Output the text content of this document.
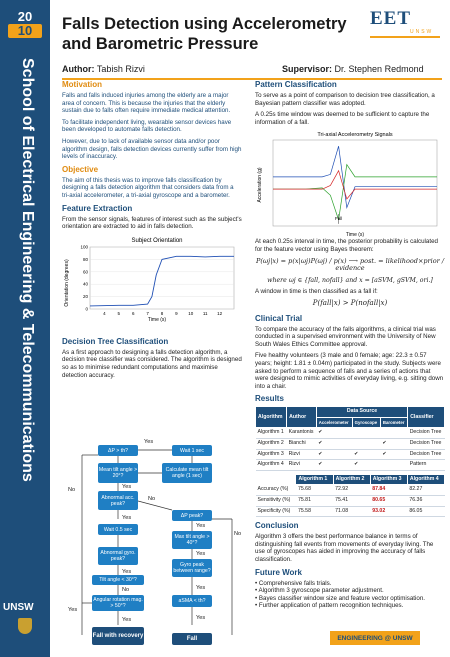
20
10
School of Electrical Engineering & Telecommunications
UNSW
Falls Detection using Accelerometry and Barometric Pressure
EET
UNSW
Author: Tabish Rizvi	Supervisor: Dr. Stephen Redmond
Motivation

Falls and falls induced injuries among the elderly are a major area of concern. This is because the injuries that the elderly sustain due to falls often require immediate medical attention.

To facilitate independent living, wearable sensor devices have been developed to automate falls detection.

However, due to lack of available sensor data and/or poor algorithm design, falls detection devices currently suffer from high levels of inaccuracy.

Objective

The aim of this thesis was to improve falls classification by designing a falls detection algorithm that considers data from a tri-axial accelerometer, a tri-axial gyroscope and a barometer.

Feature Extraction

From the sensor signals, features of interest such as the subject's orientation are extracted to aid in falls detection.

Subject Orientation
Orientation (degrees)
Time (s)
0
20
40
60
80
100
4	5	6	7	8	9 10 11 12
Decision Tree Classification

As a first approach to designing a falls detection algorithm, a decision tree classifier was considered. The algorithm is designed so as to minimise redundant computations and maximise detection accuracy.

ΔP > th?	Wait 1 sec
Mean tilt angle > 20°?
Calculate mean tilt angle (1 sec)
Abnormal acc. peak?
ΔP peak?
Wait 0.5 sec
Max tilt angle > 40°?
Abnormal gyro. peak?
Gyro peak between range?
Tilt angle < 30°?
aSMA < th?
Angular rotation mag. > 50°?
Fall with recovery	Fall
Yes
Yes
No
Yes
Yes
Yes
Yes
No	Yes
No
No
Yes
Yes	Yes
Pattern Classification

To serve as a point of comparison to decision tree classification, a Bayesian pattern classifier was adopted.

A 0.25s time window was deemed to be sufficient to capture the information of a fall.

Tri-axial Accelerometry Signals
Acceleration (g)
Time (s)
Fall

At each 0.25s interval in time, the posterior probability is calculated for the feature vector using Bayes theorem:

P(ωj|x) = p(x|ωj)P(ωj) / p(x) ⟶ post. = likelihood×prior / evidence

where ωj ∈ {fall, nofall} and x = [aSVM, gSVM, ori.]

A window in time is then classified as a fall if:

P(fall|x) > P(nofall|x)

Clinical Trial

To compare the accuracy of the falls algorithms, a clinical trial was conducted in a supervised environment with the University of New South Wales Ethics Committee approval.

Five healthy volunteers (3 male and 0 female; age: 22.3 ± 0.57 years; height: 1.81 ± 0.04m) participated in the study. Subjects were asked to perform a sequence of falls and a series of actions that were designed to mimic activities of everyday living, e.g. sitting down into a chair.

Results
Algorithm	Author	Data Source			Classifier
		Accelerometer	Gyroscope	Barometer	
Algorithm 1	Karantonis	✔			Decision Tree
Algorithm 2	Bianchi	✔		✔	Decision Tree
Algorithm 3	Rizvi	✔	✔	✔	Decision Tree
Algorithm 4	Rizvi	✔	✔		Pattern
	Algorithm 1	Algorithm 2	Algorithm 3	Algorithm 4
Accuracy (%)	75.68	72.92	87.84	82.27
Sensitivity (%)	75.81	75.41	80.65	76.36
Specificity (%)	75.58	71.08	93.02	86.05
Conclusion

Algorithm 3 offers the best performance balance in terms of distinguishing fall events from movements of everyday living. The use of gyroscopes has aided in improving the accuracy of falls classification.

Future Work
• Comprehensive falls trials.
• Algorithm 3 gyroscope parameter adjustment.
• Bayes classifier window size and feature vector optimisation.
• Further application of pattern recognition techniques.
ENGINEERING @ UNSW
